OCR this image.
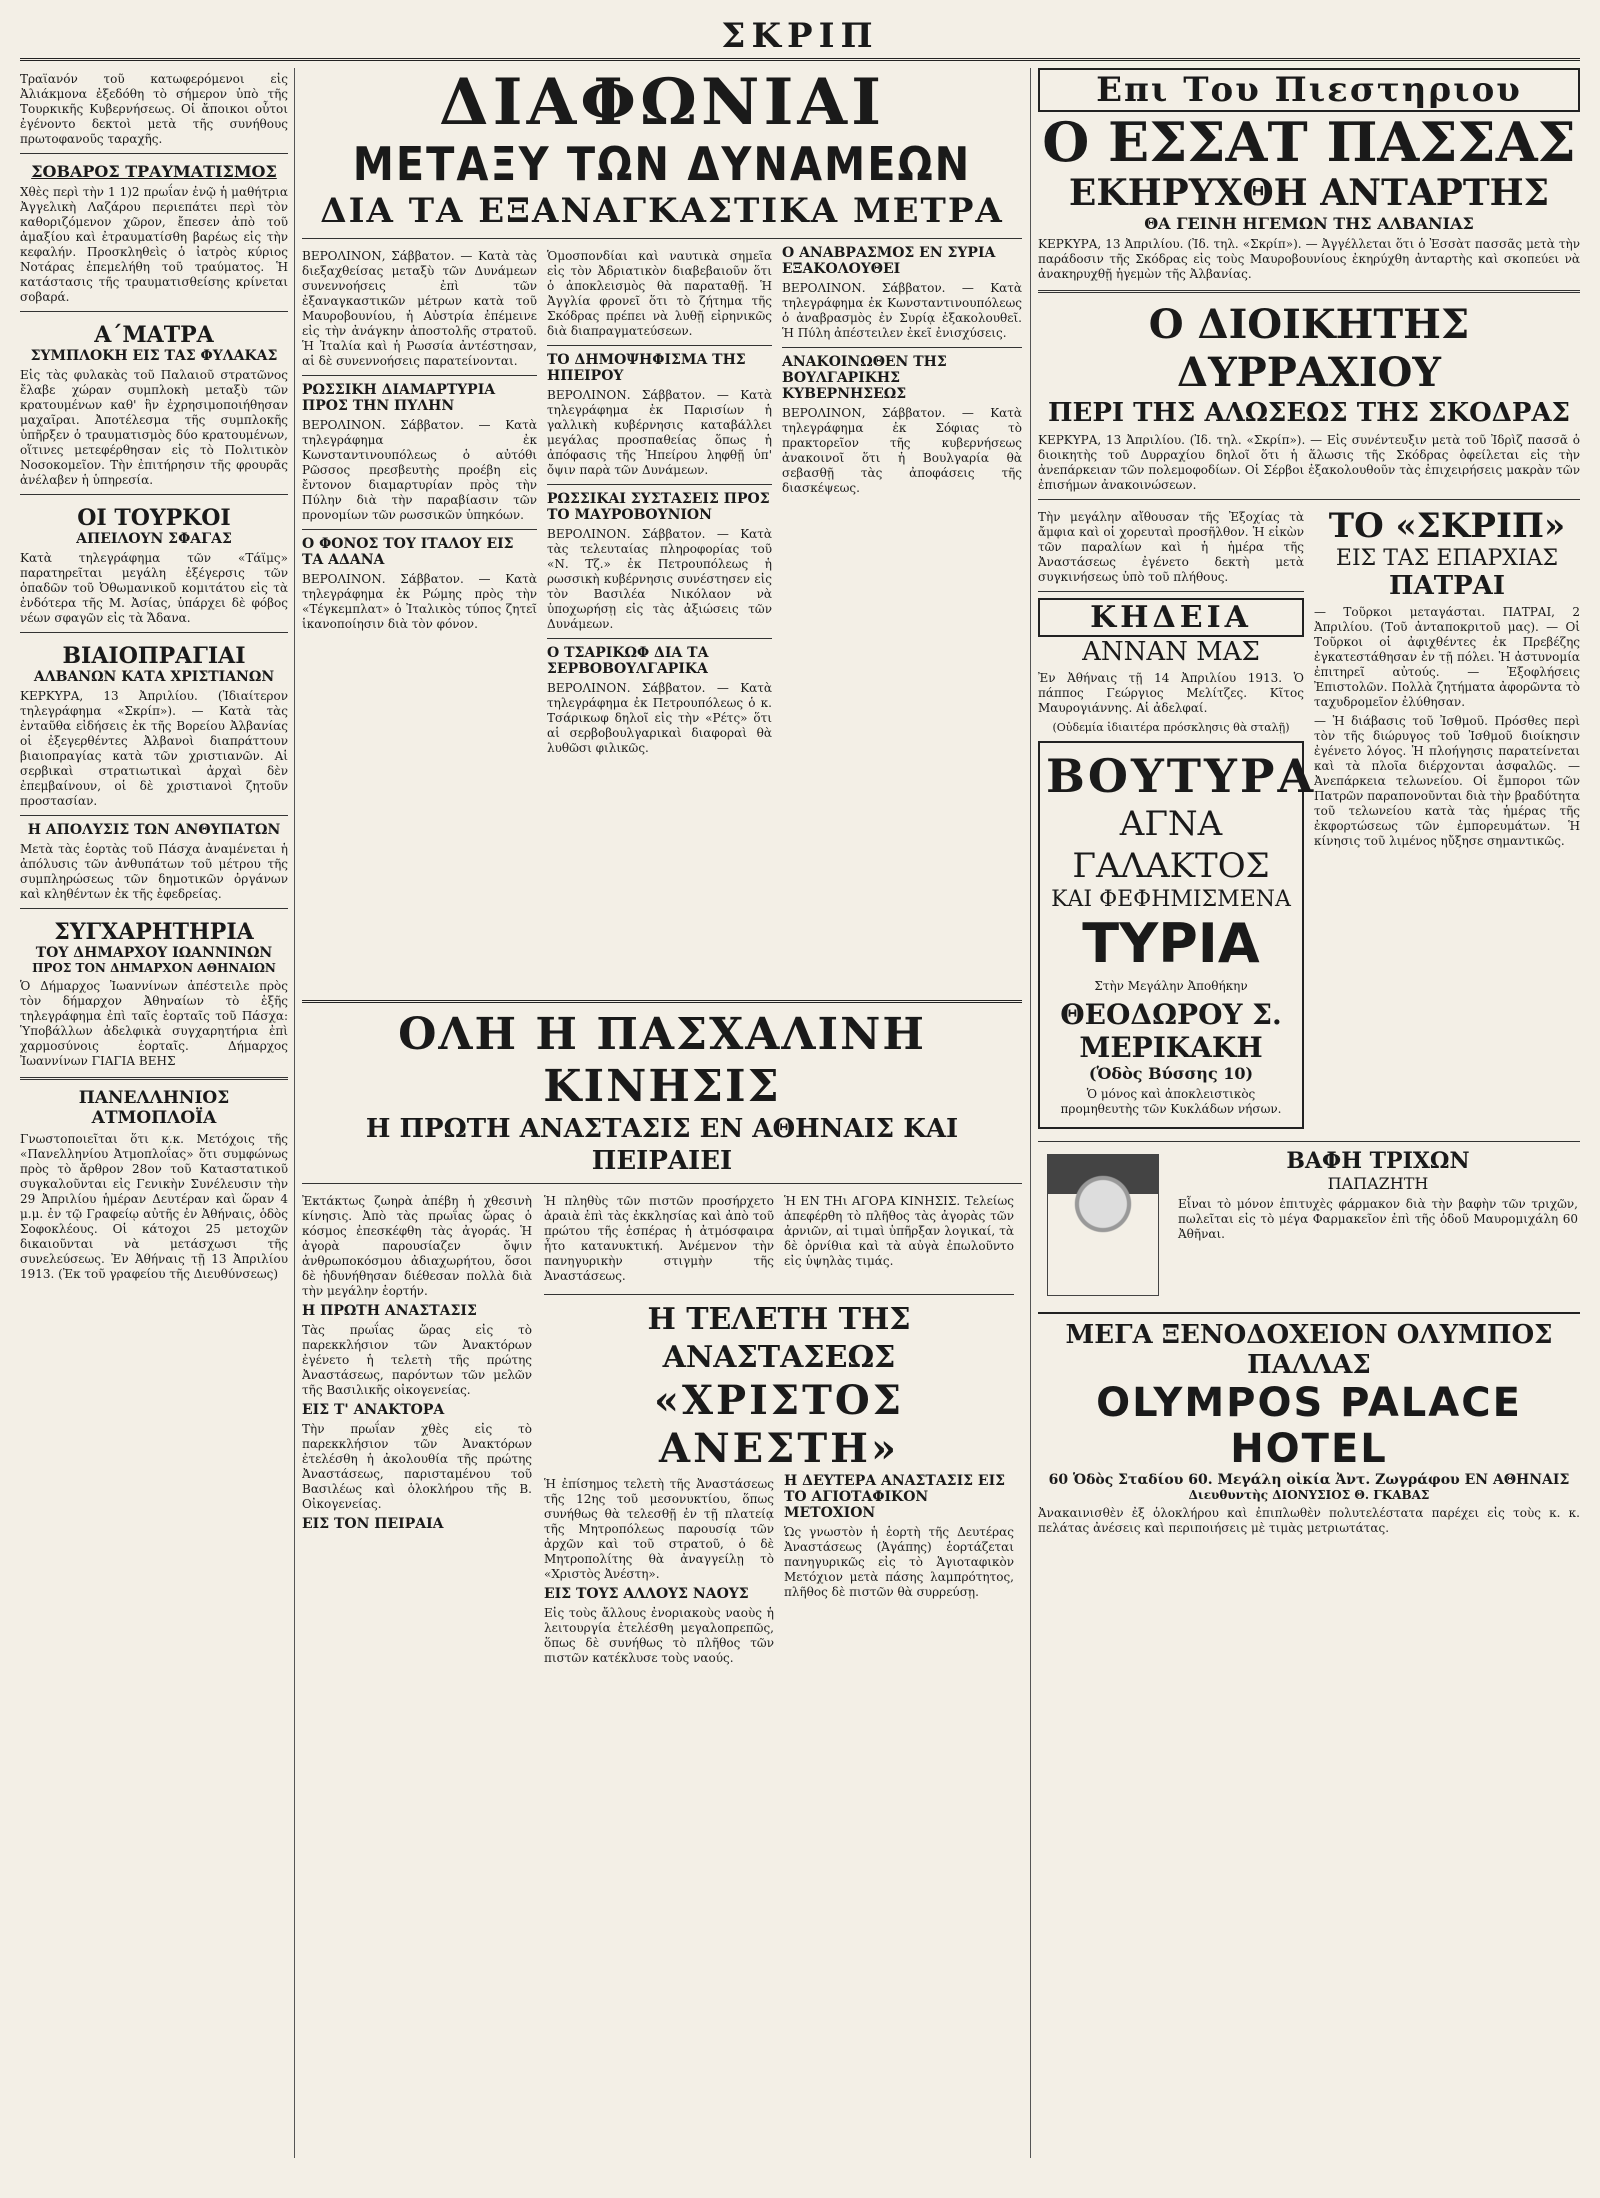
ΣΚΡΙΠ
Τραϊανόν τοῦ κατωφερόμενοι εἰς Ἀλιάκμονα ἐξεδόθη τὸ σήμερον ὑπὸ τῆς Τουρκικῆς Κυβερνήσεως. Οἱ ἄποικοι οὗτοι ἐγένοντο δεκτοὶ μετὰ τῆς συνήθους πρωτοφανοῦς ταραχῆς.
ΣΟΒΑΡΟΣ ΤΡΑΥΜΑΤΙΣΜΟΣ
Χθὲς περὶ τὴν 1 1)2 πρωΐαν ἐνῷ ἡ μαθήτρια Ἀγγελικὴ Λαζάρου περιεπάτει περὶ τὸν καθοριζόμενον χῶρον, ἔπεσεν ἀπὸ τοῦ ἀμαξίου καὶ ἐτραυματίσθη βαρέως εἰς τὴν κεφαλήν. Προσκληθεὶς ὁ ἰατρὸς κύριος Νοτάρας ἐπεμελήθη τοῦ τραύματος. Ἡ κατάστασις τῆς τραυματισθείσης κρίνεται σοβαρά.
Α΄ΜΑΤΡΑ
ΣΥΜΠΛΟΚΗ ΕΙΣ ΤΑΣ ΦΥΛΑΚΑΣ
Εἰς τὰς φυλακὰς τοῦ Παλαιοῦ στρατῶνος ἔλαβε χώραν συμπλοκὴ μεταξὺ τῶν κρατουμένων καθ' ἣν ἐχρησιμοποιήθησαν μαχαῖραι. Ἀποτέλεσμα τῆς συμπλοκῆς ὑπῆρξεν ὁ τραυματισμὸς δύο κρατουμένων, οἵτινες μετεφέρθησαν εἰς τὸ Πολιτικὸν Νοσοκομεῖον. Τὴν ἐπιτήρησιν τῆς φρουρᾶς ἀνέλαβεν ἡ ὑπηρεσία.
ΟΙ ΤΟΥΡΚΟΙ
ΑΠΕΙΛΟΥΝ ΣΦΑΓΑΣ
Κατὰ τηλεγράφημα τῶν «Τάϊμς» παρατηρεῖται μεγάλη ἐξέγερσις τῶν ὀπαδῶν τοῦ Ὀθωμανικοῦ κομιτάτου εἰς τὰ ἐνδότερα τῆς Μ. Ἀσίας, ὑπάρχει δὲ φόβος νέων σφαγῶν εἰς τὰ Ἄδανα.
ΒΙΑΙΟΠΡΑΓΙΑΙ
ΑΛΒΑΝΩΝ ΚΑΤΑ ΧΡΙΣΤΙΑΝΩΝ
ΚΕΡΚΥΡΑ, 13 Ἀπριλίου. (Ἰδιαίτερον τηλεγράφημα «Σκρίπ»). — Κατὰ τὰς ἐνταῦθα εἰδήσεις ἐκ τῆς Βορείου Ἀλβανίας οἱ ἐξεγερθέντες Ἀλβανοὶ διαπράττουν βιαιοπραγίας κατὰ τῶν χριστιανῶν. Αἱ σερβικαὶ στρατιωτικαὶ ἀρχαὶ δὲν ἐπεμβαίνουν, οἱ δὲ χριστιανοὶ ζητοῦν προστασίαν.
Η ΑΠΟΛΥΣΙΣ ΤΩΝ ΑΝΘΥΠΑΤΩΝ
Μετὰ τὰς ἑορτὰς τοῦ Πάσχα ἀναμένεται ἡ ἀπόλυσις τῶν ἀνθυπάτων τοῦ μέτρου τῆς συμπληρώσεως τῶν δημοτικῶν ὀργάνων καὶ κληθέντων ἐκ τῆς ἐφεδρείας.
ΣΥΓΧΑΡΗΤΗΡΙΑ
ΤΟΥ ΔΗΜΑΡΧΟΥ ΙΩΑΝΝΙΝΩΝ
ΠΡΟΣ ΤΟΝ ΔΗΜΑΡΧΟΝ ΑΘΗΝΑΙΩΝ
Ὁ Δήμαρχος Ἰωαννίνων ἀπέστειλε πρὸς τὸν δήμαρχον Ἀθηναίων τὸ ἑξῆς τηλεγράφημα ἐπὶ ταῖς ἑορταῖς τοῦ Πάσχα: Ὑποβάλλων ἀδελφικὰ συγχαρητήρια ἐπὶ χαρμοσύνοις ἑορταῖς. Δήμαρχος Ἰωαννίνων ΓΙΑΓΙΑ ΒΕΗΣ
ΠΑΝΕΛΛΗΝΙΟΣ ΑΤΜΟΠΛΟΪΑ
Γνωστοποιεῖται ὅτι κ.κ. Μετόχοις τῆς «Πανελληνίου Ἀτμοπλοΐας» ὅτι συμφώνως πρὸς τὸ ἄρθρον 28ον τοῦ Καταστατικοῦ συγκαλοῦνται εἰς Γενικὴν Συνέλευσιν τὴν 29 Ἀπριλίου ἡμέραν Δευτέραν καὶ ὥραν 4 μ.μ. ἐν τῷ Γραφείῳ αὐτῆς ἐν Ἀθήναις, ὁδὸς Σοφοκλέους. Οἱ κάτοχοι 25 μετοχῶν δικαιοῦνται νὰ μετάσχωσι τῆς συνελεύσεως. Ἐν Ἀθήναις τῇ 13 Ἀπριλίου 1913. (Ἐκ τοῦ γραφείου τῆς Διευθύνσεως)
ΔΙΑΦΩΝΙΑΙ
ΜΕΤΑΞΥ ΤΩΝ ΔΥΝΑΜΕΩΝ
ΔΙΑ ΤΑ ΕΞΑΝΑΓΚΑΣΤΙΚΑ ΜΕΤΡΑ
ΒΕΡΟΛΙΝΟΝ, Σάββατον. — Κατὰ τὰς διεξαχθείσας μεταξὺ τῶν Δυνάμεων συνεννοήσεις ἐπὶ τῶν ἐξαναγκαστικῶν μέτρων κατὰ τοῦ Μαυροβουνίου, ἡ Αὐστρία ἐπέμεινε εἰς τὴν ἀνάγκην ἀποστολῆς στρατοῦ. Ἡ Ἰταλία καὶ ἡ Ρωσσία ἀντέστησαν, αἱ δὲ συνεννοήσεις παρατείνονται.
ΡΩΣΣΙΚΗ ΔΙΑΜΑΡΤΥΡΙΑ ΠΡΟΣ ΤΗΝ ΠΥΛΗΝ
ΒΕΡΟΛΙΝΟΝ. Σάββατον. — Κατὰ τηλεγράφημα ἐκ Κωνσταντινουπόλεως ὁ αὐτόθι Ρῶσσος πρεσβευτὴς προέβη εἰς ἔντονον διαμαρτυρίαν πρὸς τὴν Πύλην διὰ τὴν παραβίασιν τῶν προνομίων τῶν ρωσσικῶν ὑπηκόων.
Ο ΦΟΝΟΣ ΤΟΥ ΙΤΑΛΟΥ ΕΙΣ ΤΑ ΑΔΑΝΑ
ΒΕΡΟΛΙΝΟΝ. Σάββατον. — Κατὰ τηλεγράφημα ἐκ Ρώμης πρὸς τὴν «Τέγκεμπλατ» ὁ Ἰταλικὸς τύπος ζητεῖ ἱκανοποίησιν διὰ τὸν φόνον.
Ὁμοσπονδίαι καὶ ναυτικὰ σημεῖα εἰς τὸν Ἀδριατικὸν διαβεβαιοῦν ὅτι ὁ ἀποκλεισμὸς θὰ παραταθῇ. Ἡ Ἀγγλία φρονεῖ ὅτι τὸ ζήτημα τῆς Σκόδρας πρέπει νὰ λυθῇ εἰρηνικῶς διὰ διαπραγματεύσεων.
ΤΟ ΔΗΜΟΨΗΦΙΣΜΑ ΤΗΣ ΗΠΕΙΡΟΥ
ΒΕΡΟΛΙΝΟΝ. Σάββατον. — Κατὰ τηλεγράφημα ἐκ Παρισίων ἡ γαλλικὴ κυβέρνησις καταβάλλει μεγάλας προσπαθείας ὅπως ἡ ἀπόφασις τῆς Ἠπείρου ληφθῇ ὑπ' ὄψιν παρὰ τῶν Δυνάμεων.
ΡΩΣΣΙΚΑΙ ΣΥΣΤΑΣΕΙΣ ΠΡΟΣ ΤΟ ΜΑΥΡΟΒΟΥΝΙΟΝ
ΒΕΡΟΛΙΝΟΝ. Σάββατον. — Κατὰ τὰς τελευταίας πληροφορίας τοῦ «Ν. Τζ.» ἐκ Πετρουπόλεως ἡ ρωσσικὴ κυβέρνησις συνέστησεν εἰς τὸν Βασιλέα Νικόλαον νὰ ὑποχωρήσῃ εἰς τὰς ἀξιώσεις τῶν Δυνάμεων.
Ο ΤΣΑΡΙΚΩΦ ΔΙΑ ΤΑ ΣΕΡΒΟΒΟΥΛΓΑΡΙΚΑ
ΒΕΡΟΛΙΝΟΝ. Σάββατον. — Κατὰ τηλεγράφημα ἐκ Πετρουπόλεως ὁ κ. Τσάρικωφ δηλοῖ εἰς τὴν «Ρέτς» ὅτι αἱ σερβοβουλγαρικαὶ διαφοραὶ θὰ λυθῶσι φιλικῶς.
Ο ΑΝΑΒΡΑΣΜΟΣ ΕΝ ΣΥΡΙΑ ΕΞΑΚΟΛΟΥΘΕΙ
ΒΕΡΟΛΙΝΟΝ. Σάββατον. — Κατὰ τηλεγράφημα ἐκ Κωνσταντινουπόλεως ὁ ἀναβρασμὸς ἐν Συρίᾳ ἐξακολουθεῖ. Ἡ Πύλη ἀπέστειλεν ἐκεῖ ἐνισχύσεις.
ΑΝΑΚΟΙΝΩΘΕΝ ΤΗΣ ΒΟΥΛΓΑΡΙΚΗΣ ΚΥΒΕΡΝΗΣΕΩΣ
ΒΕΡΟΛΙΝΟΝ, Σάββατον. — Κατὰ τηλεγράφημα ἐκ Σόφιας τὸ πρακτορεῖον τῆς κυβερνήσεως ἀνακοινοῖ ὅτι ἡ Βουλγαρία θὰ σεβασθῇ τὰς ἀποφάσεις τῆς διασκέψεως.
ΟΛΗ Η ΠΑΣΧΑΛΙΝΗ ΚΙΝΗΣΙΣ
Η ΠΡΩΤΗ ΑΝΑΣΤΑΣΙΣ ΕΝ ΑΘΗΝΑΙΣ ΚΑΙ ΠΕΙΡΑΙΕΙ
Ἐκτάκτως ζωηρὰ ἀπέβη ἡ χθεσινὴ κίνησις. Ἀπὸ τὰς πρωΐας ὥρας ὁ κόσμος ἐπεσκέφθη τὰς ἀγοράς. Ἡ ἀγορὰ παρουσίαζεν ὄψιν ἀνθρωποκόσμου ἀδιαχωρήτου, ὅσοι δὲ ἠδυνήθησαν διέθεσαν πολλὰ διὰ τὴν μεγάλην ἑορτήν.
Η ΠΡΩΤΗ ΑΝΑΣΤΑΣΙΣ
Τὰς πρωΐας ὥρας εἰς τὸ παρεκκλήσιον τῶν Ἀνακτόρων ἐγένετο ἡ τελετὴ τῆς πρώτης Ἀναστάσεως, παρόντων τῶν μελῶν τῆς Βασιλικῆς οἰκογενείας.
ΕΙΣ Τ' ΑΝΑΚΤΟΡΑ
Τὴν πρωΐαν χθὲς εἰς τὸ παρεκκλήσιον τῶν Ἀνακτόρων ἐτελέσθη ἡ ἀκολουθία τῆς πρώτης Ἀναστάσεως, παρισταμένου τοῦ Βασιλέως καὶ ὁλοκλήρου τῆς Β. Οἰκογενείας.
ΕΙΣ ΤΟΝ ΠΕΙΡΑΙΑ
Ἡ πληθὺς τῶν πιστῶν προσήρχετο ἀραιὰ ἐπὶ τὰς ἐκκλησίας καὶ ἀπὸ τοῦ πρώτου τῆς ἑσπέρας ἡ ἀτμόσφαιρα ἦτο κατανυκτική. Ἀνέμενον τὴν πανηγυρικὴν στιγμὴν τῆς Ἀναστάσεως.
Ἡ ΕΝ ΤΗι ΑΓΟΡΑ ΚΙΝΗΣΙΣ. Τελείως ἀπεφέρθη τὸ πλῆθος τὰς ἀγορὰς τῶν ἀρνιῶν, αἱ τιμαὶ ὑπῆρξαν λογικαί, τὰ δὲ ὀρνίθια καὶ τὰ αὐγὰ ἐπωλοῦντο εἰς ὑψηλὰς τιμάς.
Η ΤΕΛΕΤΗ ΤΗΣ ΑΝΑΣΤΑΣΕΩΣ
«ΧΡΙΣΤΟΣ ΑΝΕΣΤΗ»
Ἡ ἐπίσημος τελετὴ τῆς Ἀναστάσεως τῆς 12ης τοῦ μεσονυκτίου, ὅπως συνήθως θὰ τελεσθῇ ἐν τῇ πλατείᾳ τῆς Μητροπόλεως παρουσίᾳ τῶν ἀρχῶν καὶ τοῦ στρατοῦ, ὁ δὲ Μητροπολίτης θὰ ἀναγγείλῃ τὸ «Χριστὸς Ἀνέστη».
ΕΙΣ ΤΟΥΣ ΑΛΛΟΥΣ ΝΑΟΥΣ
Εἰς τοὺς ἄλλους ἐνοριακοὺς ναοὺς ἡ λειτουργία ἐτελέσθη μεγαλοπρεπῶς, ὅπως δὲ συνήθως τὸ πλῆθος τῶν πιστῶν κατέκλυσε τοὺς ναούς.
Η ΔΕΥΤΕΡΑ ΑΝΑΣΤΑΣΙΣ ΕΙΣ ΤΟ ΑΓΙΟΤΑΦΙΚΟΝ ΜΕΤΟΧΙΟΝ
Ὡς γνωστὸν ἡ ἑορτὴ τῆς Δευτέρας Ἀναστάσεως (Ἀγάπης) ἑορτάζεται πανηγυρικῶς εἰς τὸ Ἁγιοταφικὸν Μετόχιον μετὰ πάσης λαμπρότητος, πλῆθος δὲ πιστῶν θὰ συρρεύσῃ.
Επι Του Πιεστηριου
Ο ΕΣΣΑΤ ΠΑΣΣΑΣ
ΕΚΗΡΥΧΘΗ ΑΝΤΑΡΤΗΣ
ΘΑ ΓΕΙΝΗ ΗΓΕΜΩΝ ΤΗΣ ΑΛΒΑΝΙΑΣ
ΚΕΡΚΥΡΑ, 13 Ἀπριλίου. (Ἰδ. τηλ. «Σκρίπ»). — Ἀγγέλλεται ὅτι ὁ Ἐσσὰτ πασσᾶς μετὰ τὴν παράδοσιν τῆς Σκόδρας εἰς τοὺς Μαυροβουνίους ἐκηρύχθη ἀνταρτὴς καὶ σκοπεύει νὰ ἀνακηρυχθῇ ἡγεμὼν τῆς Ἀλβανίας.
Ο ΔΙΟΙΚΗΤΗΣ ΔΥΡΡΑΧΙΟΥ
ΠΕΡΙ ΤΗΣ ΑΛΩΣΕΩΣ ΤΗΣ ΣΚΟΔΡΑΣ
ΚΕΡΚΥΡΑ, 13 Ἀπριλίου. (Ἰδ. τηλ. «Σκρίπ»). — Εἰς συνέντευξιν μετὰ τοῦ Ἰδρὶζ πασσᾶ ὁ διοικητὴς τοῦ Δυρραχίου δηλοῖ ὅτι ἡ ἅλωσις τῆς Σκόδρας ὀφείλεται εἰς τὴν ἀνεπάρκειαν τῶν πολεμοφοδίων. Οἱ Σέρβοι ἐξακολουθοῦν τὰς ἐπιχειρήσεις μακρὰν τῶν ἐπισήμων ἀνακοινώσεων.
Τὴν μεγάλην αἴθουσαν τῆς Ἐξοχίας τὰ ἄμφια καὶ οἱ χορευταὶ προσῆλθον. Ἡ εἰκὼν τῶν παραλίων καὶ ἡ ἡμέρα τῆς Ἀναστάσεως ἐγένετο δεκτὴ μετὰ συγκινήσεως ὑπὸ τοῦ πλήθους.
ΚΗΔΕΙΑ
ΑΝΝΑΝ ΜΑΣ
Ἐν Ἀθήναις τῇ 14 Ἀπριλίου 1913. Ὁ πάππος Γεώργιος Μελίτζες. Κῖτος Μαυρογιάννης. Αἱ ἀδελφαί.
(Οὐδεμία ἰδιαιτέρα πρόσκλησις θὰ σταλῇ)
ΒΟΥΤΥΡΑ
ΑΓΝΑ ΓΑΛΑΚΤΟΣ
ΚΑΙ ΦΕΦΗΜΙΣΜΕΝΑ
ΤΥΡΙΑ
Στὴν Μεγάλην Ἀποθήκην
ΘΕΟΔΩΡΟΥ Σ. ΜΕΡΙΚΑΚΗ
(Ὁδὸς Βύσσης 10)
Ὁ μόνος καὶ ἀποκλειστικὸς προμηθευτὴς τῶν Κυκλάδων νήσων.
ΤΟ «ΣΚΡΙΠ»
ΕΙΣ ΤΑΣ ΕΠΑΡΧΙΑΣ
ΠΑΤΡΑΙ
— Τοῦρκοι μεταγάσται. ΠΑΤΡΑΙ, 2 Ἀπριλίου. (Τοῦ ἀνταποκριτοῦ μας). — Οἱ Τοῦρκοι οἱ ἀφιχθέντες ἐκ Πρεβέζης ἐγκατεστάθησαν ἐν τῇ πόλει. Ἡ ἀστυνομία ἐπιτηρεῖ αὐτούς. — Ἐξοφλήσεις Ἐπιστολῶν. Πολλὰ ζητήματα ἀφορῶντα τὸ ταχυδρομεῖον ἐλύθησαν.
— Ἡ διάβασις τοῦ Ἰσθμοῦ. Πρόσθες περὶ τὸν τῆς διώρυγος τοῦ Ἰσθμοῦ διοίκησιν ἐγένετο λόγος. Ἡ πλοήγησις παρατείνεται καὶ τὰ πλοῖα διέρχονται ἀσφαλῶς. — Ἀνεπάρκεια τελωνείου. Οἱ ἔμποροι τῶν Πατρῶν παραπονοῦνται διὰ τὴν βραδύτητα τοῦ τελωνείου κατὰ τὰς ἡμέρας τῆς ἐκφορτώσεως τῶν ἐμπορευμάτων. Ἡ κίνησις τοῦ λιμένος ηὔξησε σημαντικῶς.
ΒΑΦΗ ΤΡΙΧΩΝ
ΠΑΠΑΖΗΤΗ
Εἶναι τὸ μόνον ἐπιτυχὲς φάρμακον διὰ τὴν βαφὴν τῶν τριχῶν, πωλεῖται εἰς τὸ μέγα Φαρμακεῖον ἐπὶ τῆς ὁδοῦ Μαυρομιχάλη 60 Ἀθῆναι.
ΜΕΓΑ ΞΕΝΟΔΟΧΕΙΟΝ ΟΛΥΜΠΟΣ ΠΑΛΛΑΣ
OLYMPOS PALACE HOTEL
60 Ὁδὸς Σταδίου 60. Μεγάλη οἰκία Ἀντ. Ζωγράφου ΕΝ ΑΘΗΝΑΙΣ
Διευθυντὴς ΔΙΟΝΥΣΙΟΣ Θ. ΓΚΑΒΑΣ
Ἀνακαινισθὲν ἐξ ὁλοκλήρου καὶ ἐπιπλωθὲν πολυτελέστατα παρέχει εἰς τοὺς κ. κ. πελάτας ἀνέσεις καὶ περιποιήσεις μὲ τιμὰς μετριωτάτας.
